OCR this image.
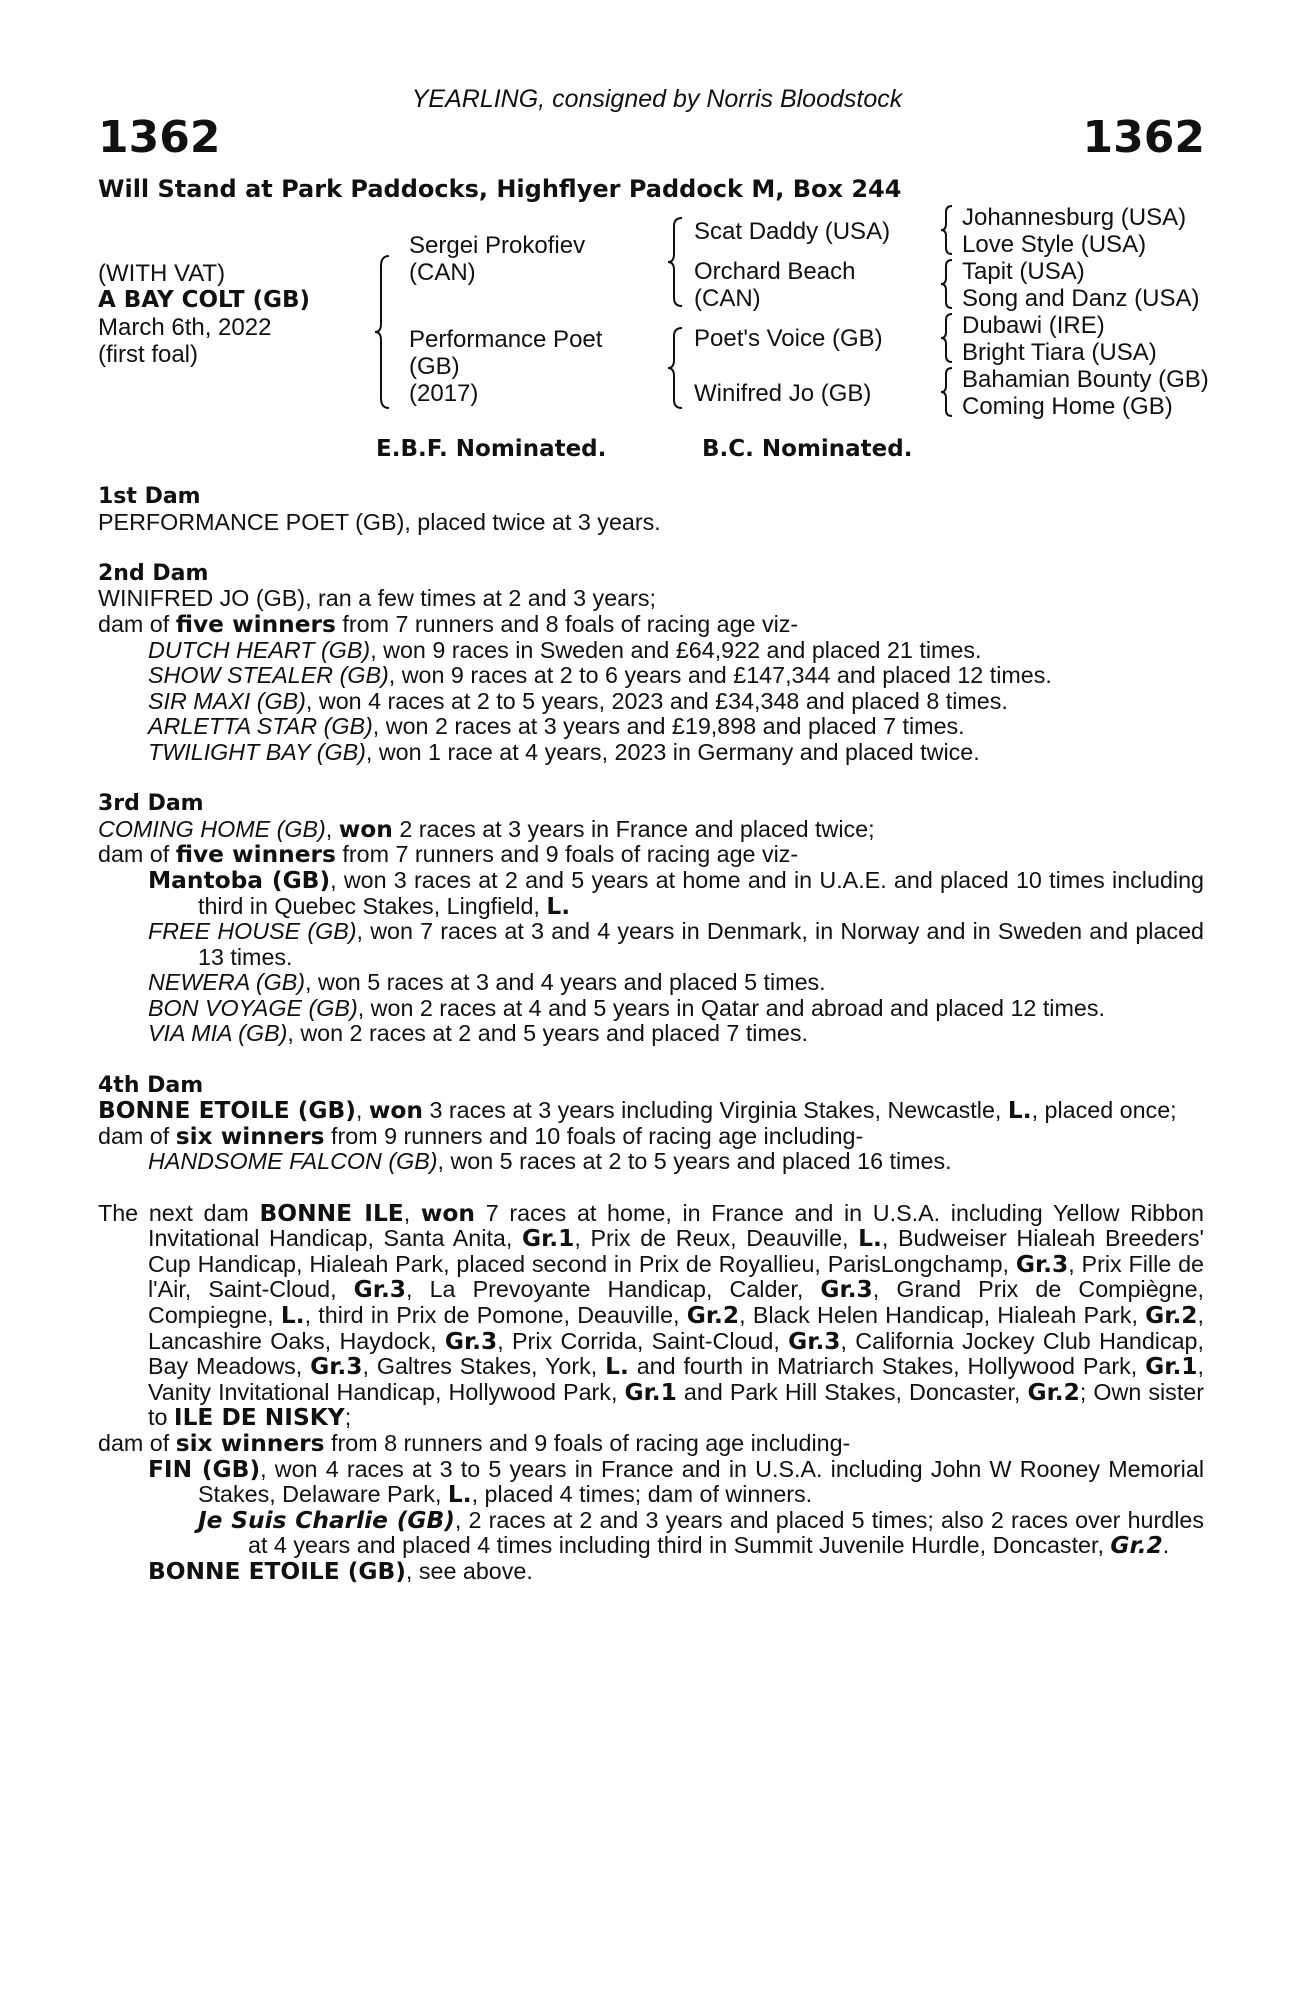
YEARLING, consigned by Norris Bloodstock
1362	1362
Will Stand at Park Paddocks, Highflyer Paddock M, Box 244
(WITH VAT)
A BAY COLT (GB)
March 6th, 2022
(first foal)
Sergei Prokofiev
(CAN)
Performance Poet
(GB)
(2017)
Scat Daddy (USA)
Orchard Beach
(CAN)
Poet's Voice (GB)
Winifred Jo (GB)
Johannesburg (USA)
Love Style (USA)
Tapit (USA)
Song and Danz (USA)
Dubawi (IRE)
Bright Tiara (USA)
Bahamian Bounty (GB)
Coming Home (GB)
E.B.F. Nominated.	B.C. Nominated.
1st Dam
PERFORMANCE POET (GB), placed twice at 3 years.
2nd Dam
WINIFRED JO (GB), ran a few times at 2 and 3 years;
dam of five winners from 7 runners and 8 foals of racing age viz-
DUTCH HEART (GB), won 9 races in Sweden and £64,922 and placed 21 times.
SHOW STEALER (GB), won 9 races at 2 to 6 years and £147,344 and placed 12 times.
SIR MAXI (GB), won 4 races at 2 to 5 years, 2023 and £34,348 and placed 8 times.
ARLETTA STAR (GB), won 2 races at 3 years and £19,898 and placed 7 times.
TWILIGHT BAY (GB), won 1 race at 4 years, 2023 in Germany and placed twice.
3rd Dam
COMING HOME (GB), won 2 races at 3 years in France and placed twice;
dam of five winners from 7 runners and 9 foals of racing age viz-
Mantoba (GB), won 3 races at 2 and 5 years at home and in U.A.E. and placed 10 times including third in Quebec Stakes, Lingfield, L.
FREE HOUSE (GB), won 7 races at 3 and 4 years in Denmark, in Norway and in Sweden and placed 13 times.
NEWERA (GB), won 5 races at 3 and 4 years and placed 5 times.
BON VOYAGE (GB), won 2 races at 4 and 5 years in Qatar and abroad and placed 12 times.
VIA MIA (GB), won 2 races at 2 and 5 years and placed 7 times.
4th Dam
BONNE ETOILE (GB), won 3 races at 3 years including Virginia Stakes, Newcastle, L., placed once;
dam of six winners from 9 runners and 10 foals of racing age including-
HANDSOME FALCON (GB), won 5 races at 2 to 5 years and placed 16 times.
The next dam BONNE ILE, won 7 races at home, in France and in U.S.A. including Yellow Ribbon Invitational Handicap, Santa Anita, Gr.1, Prix de Reux, Deauville, L., Budweiser Hialeah Breeders' Cup Handicap, Hialeah Park, placed second in Prix de Royallieu, ParisLongchamp, Gr.3, Prix Fille de l'Air, Saint-Cloud, Gr.3, La Prevoyante Handicap, Calder, Gr.3, Grand Prix de Compiègne, Compiegne, L., third in Prix de Pomone, Deauville, Gr.2, Black Helen Handicap, Hialeah Park, Gr.2, Lancashire Oaks, Haydock, Gr.3, Prix Corrida, Saint-Cloud, Gr.3, California Jockey Club Handicap, Bay Meadows, Gr.3, Galtres Stakes, York, L. and fourth in Matriarch Stakes, Hollywood Park, Gr.1, Vanity Invitational Handicap, Hollywood Park, Gr.1 and Park Hill Stakes, Doncaster, Gr.2; Own sister to ILE DE NISKY;
dam of six winners from 8 runners and 9 foals of racing age including-
FIN (GB), won 4 races at 3 to 5 years in France and in U.S.A. including John W Rooney Memorial Stakes, Delaware Park, L., placed 4 times; dam of winners.
Je Suis Charlie (GB), 2 races at 2 and 3 years and placed 5 times; also 2 races over hurdles at 4 years and placed 4 times including third in Summit Juvenile Hurdle, Doncaster, Gr.2.
BONNE ETOILE (GB), see above.
